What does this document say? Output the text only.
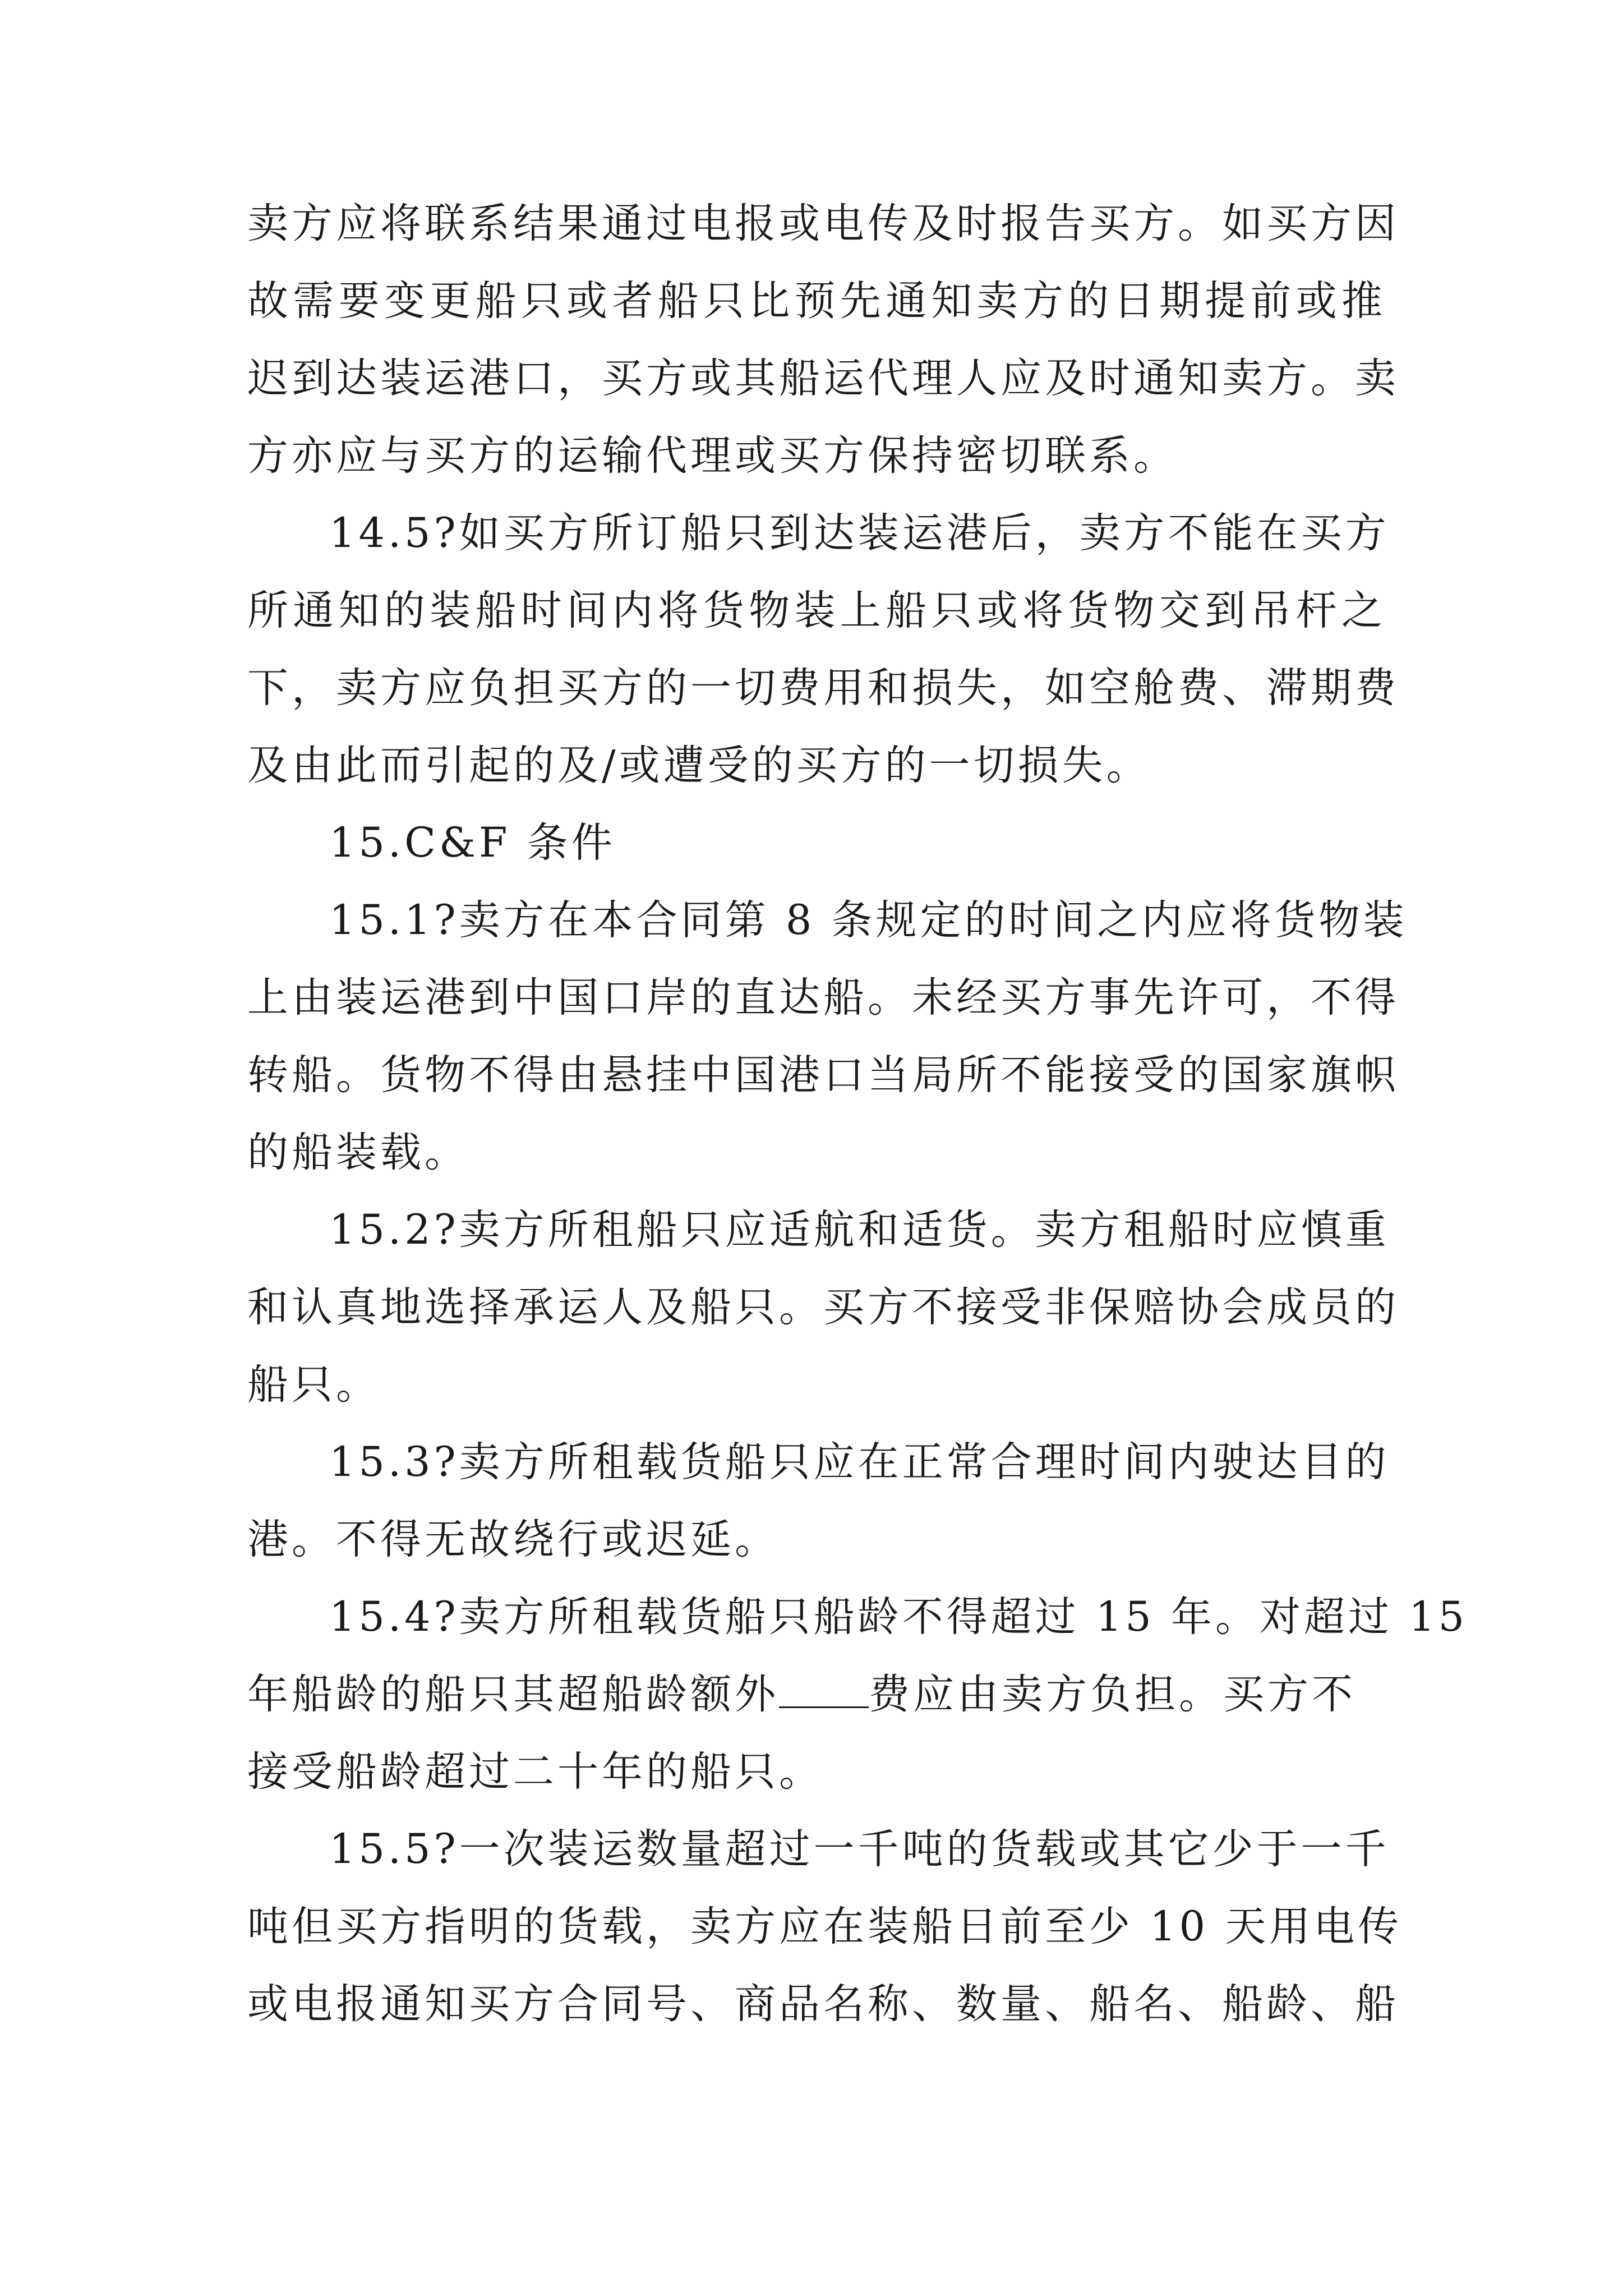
卖方应将联系结果通过电报或电传及时报告买方。如买方因
故需要变更船只或者船只比预先通知卖方的日期提前或推
迟到达装运港口，买方或其船运代理人应及时通知卖方。卖
方亦应与买方的运输代理或买方保持密切联系。
14.5?如买方所订船只到达装运港后，卖方不能在买方
所通知的装船时间内将货物装上船只或将货物交到吊杆之
下，卖方应负担买方的一切费用和损失，如空舱费、滞期费
及由此而引起的及/或遭受的买方的一切损失。
15.C&F 条件
15.1?卖方在本合同第 8 条规定的时间之内应将货物装
上由装运港到中国口岸的直达船。未经买方事先许可，不得
转船。货物不得由悬挂中国港口当局所不能接受的国家旗帜
的船装载。
15.2?卖方所租船只应适航和适货。卖方租船时应慎重
和认真地选择承运人及船只。买方不接受非保赔协会成员的
船只。
15.3?卖方所租载货船只应在正常合理时间内驶达目的
港。不得无故绕行或迟延。
15.4?卖方所租载货船只船龄不得超过 15 年。对超过 15
年船龄的船只其超船龄额外 费应由卖方负担。买方不
接受船龄超过二十年的船只。
15.5?一次装运数量超过一千吨的货载或其它少于一千
吨但买方指明的货载，卖方应在装船日前至少 10 天用电传
或电报通知买方合同号、商品名称、数量、船名、船龄、船
